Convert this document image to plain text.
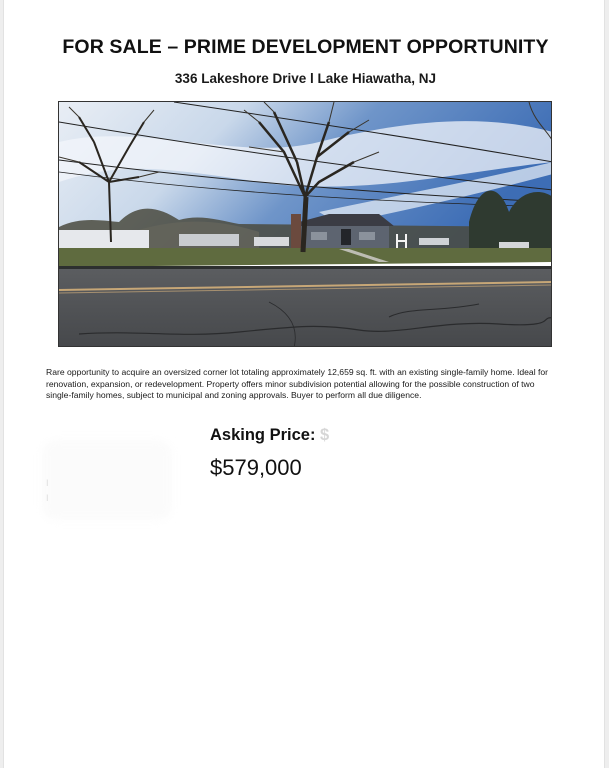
FOR SALE – PRIME DEVELOPMENT OPPORTUNITY
336 Lakeshore Drive l Lake Hiawatha, NJ
Rare opportunity to acquire an oversized corner lot totaling approximately 12,659 sq. ft. with an existing single-family home. Ideal for renovation, expansion, or redevelopment. Property offers minor subdivision potential allowing for the possible construction of two single-family homes, subject to municipal and zoning approvals. Buyer to perform all due diligence.
I
I
Asking Price: $
$579,000
